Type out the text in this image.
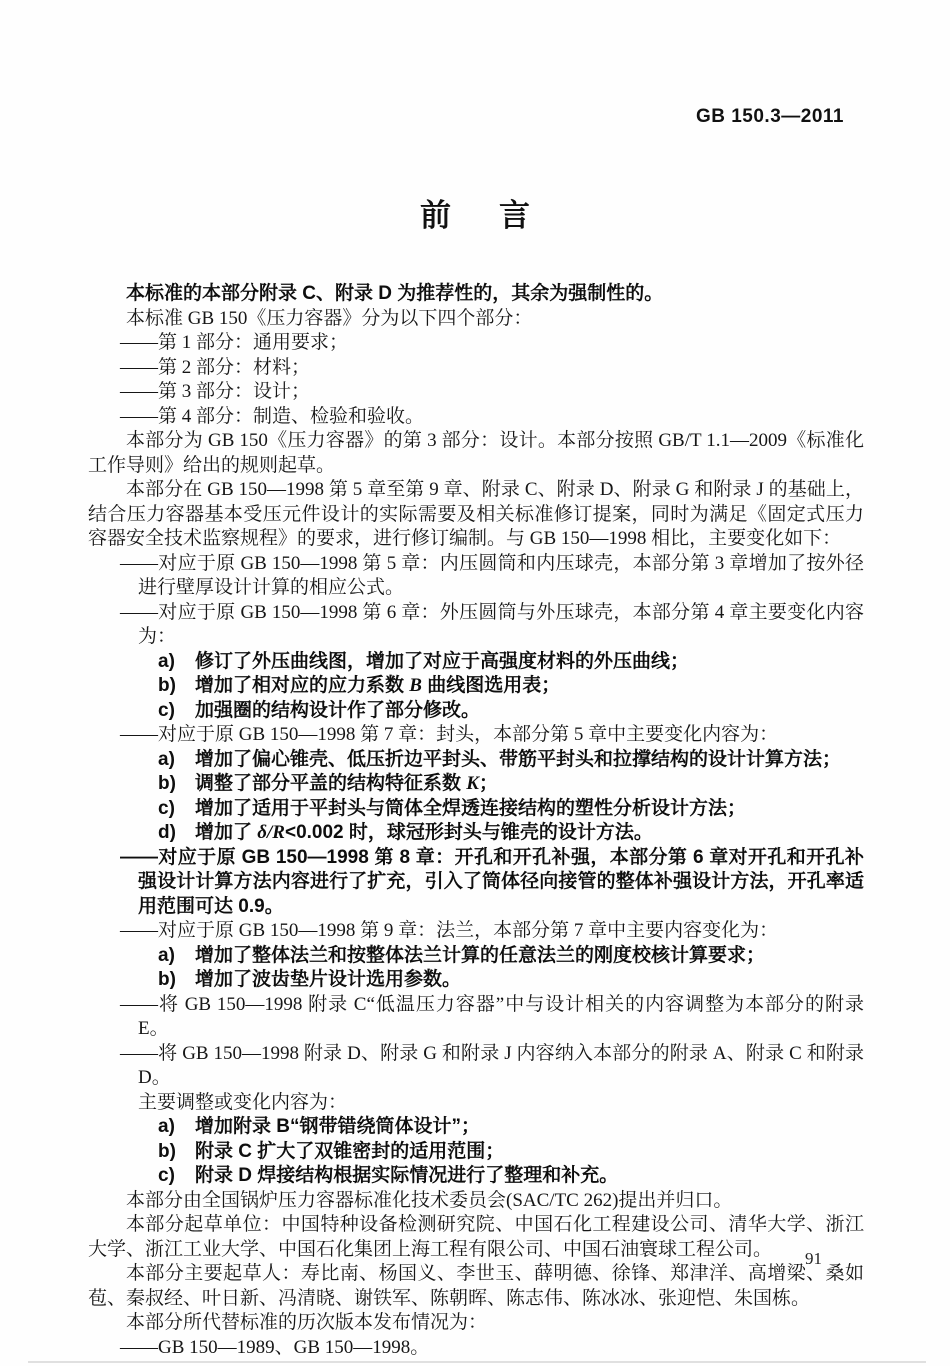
GB 150.3—2011
前 言

本标准的本部分附录 C、附录 D 为推荐性的，其余为强制性的。

本标准 GB 150《压力容器》分为以下四个部分：

——第 1 部分：通用要求；

——第 2 部分：材料；

——第 3 部分：设计；

——第 4 部分：制造、检验和验收。

本部分为 GB 150《压力容器》的第 3 部分：设计。本部分按照 GB/T 1.1—2009《标准化工作导则》给出的规则起草。

本部分在 GB 150—1998 第 5 章至第 9 章、附录 C、附录 D、附录 G 和附录 J 的基础上，结合压力容器基本受压元件设计的实际需要及相关标准修订提案，同时为满足《固定式压力容器安全技术监察规程》的要求，进行修订编制。与 GB 150—1998 相比，主要变化如下：

——对应于原 GB 150—1998 第 5 章：内压圆筒和内压球壳，本部分第 3 章增加了按外径进行壁厚设计计算的相应公式。

——对应于原 GB 150—1998 第 6 章：外压圆筒与外压球壳，本部分第 4 章主要变化内容为：

a) 修订了外压曲线图，增加了对应于高强度材料的外压曲线；

b) 增加了相对应的应力系数 B 曲线图选用表；

c) 加强圈的结构设计作了部分修改。

——对应于原 GB 150—1998 第 7 章：封头，本部分第 5 章中主要变化内容为：

a) 增加了偏心锥壳、低压折边平封头、带筋平封头和拉撑结构的设计计算方法；

b) 调整了部分平盖的结构特征系数 K；

c) 增加了适用于平封头与筒体全焊透连接结构的塑性分析设计方法；

d) 增加了 δ/R<0.002 时，球冠形封头与锥壳的设计方法。

——对应于原 GB 150—1998 第 8 章：开孔和开孔补强，本部分第 6 章对开孔和开孔补强设计计算方法内容进行了扩充，引入了筒体径向接管的整体补强设计方法，开孔率适用范围可达 0.9。

——对应于原 GB 150—1998 第 9 章：法兰，本部分第 7 章中主要内容变化为：

a) 增加了整体法兰和按整体法兰计算的任意法兰的刚度校核计算要求；

b) 增加了波齿垫片设计选用参数。

——将 GB 150—1998 附录 C“低温压力容器”中与设计相关的内容调整为本部分的附录 E。

——将 GB 150—1998 附录 D、附录 G 和附录 J 内容纳入本部分的附录 A、附录 C 和附录 D。

主要调整或变化内容为：

a) 增加附录 B“钢带错绕筒体设计”；

b) 附录 C 扩大了双锥密封的适用范围；

c) 附录 D 焊接结构根据实际情况进行了整理和补充。

本部分由全国锅炉压力容器标准化技术委员会(SAC/TC 262)提出并归口。

本部分起草单位：中国特种设备检测研究院、中国石化工程建设公司、清华大学、浙江大学、浙江工业大学、中国石化集团上海工程有限公司、中国石油寰球工程公司。

本部分主要起草人：寿比南、杨国义、李世玉、薛明德、徐锋、郑津洋、高增梁、桑如苞、秦叔经、叶日新、冯清晓、谢铁军、陈朝晖、陈志伟、陈冰冰、张迎恺、朱国栋。

本部分所代替标准的历次版本发布情况为：

——GB 150—1989、GB 150—1998。

91
